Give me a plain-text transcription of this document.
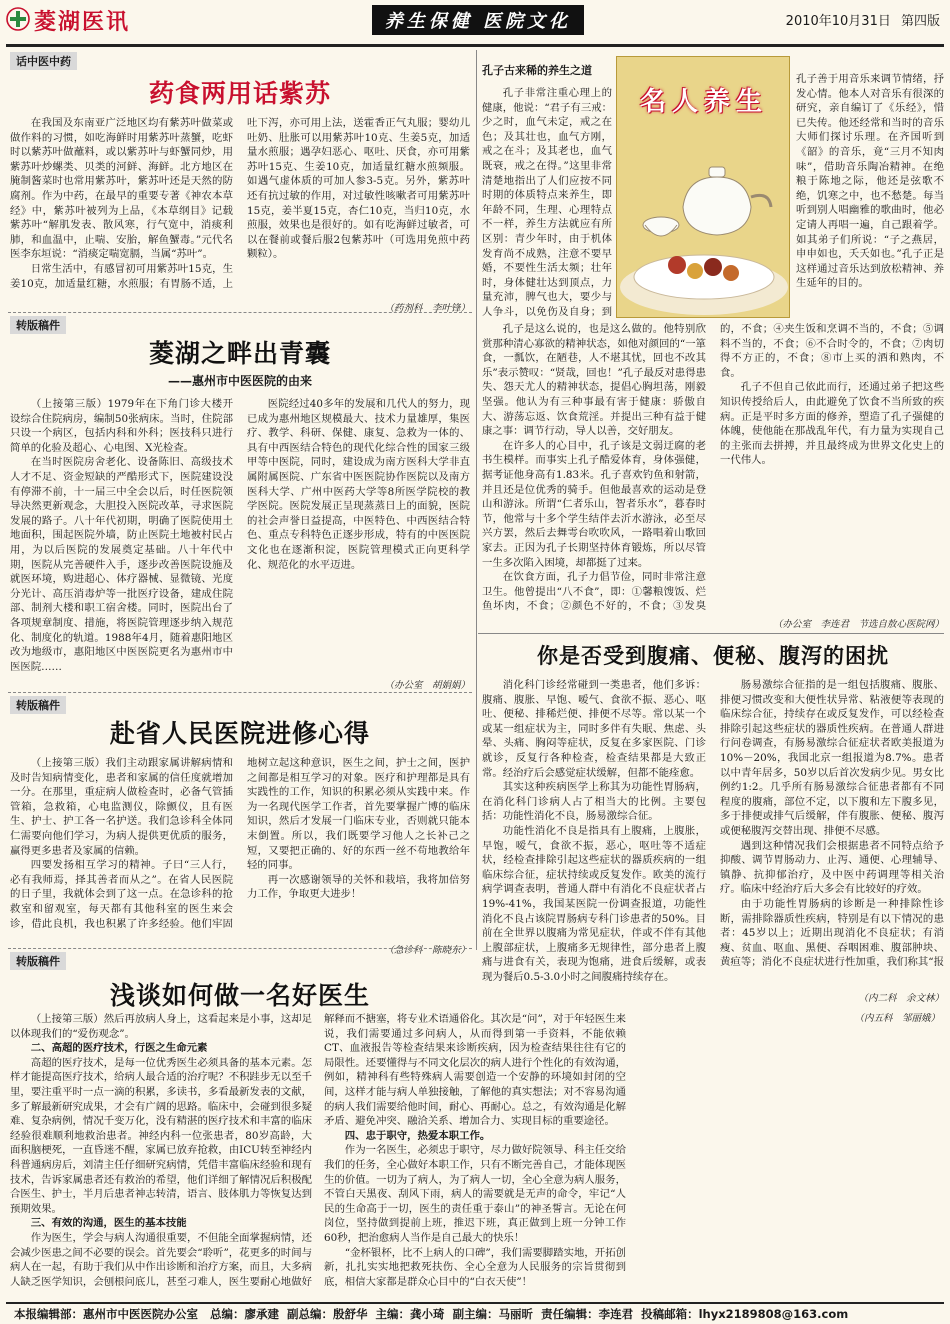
菱湖医讯	养生保健 医院文化	2010年10月31日 第四版
话中医中药
药食两用话紫苏

在我国及东南亚广泛地区均有紫苏叶做菜或做作料的习惯，如吃海鲜时用紫苏叶蒸蟹，吃虾时以紫苏叶做蘸料，或以紫苏叶与虾蟹同炒，用紫苏叶炒螺类、贝类的河鲜、海鲜。北方地区在腌制酱菜时也常用紫苏叶，紫苏叶还是天然的防腐剂。作为中药，在最早的重要专著《神农本草经》中，紫苏叶被列为上品，《本草纲目》记载紫苏叶“解肌发表、散风寒，行气宽中，消痰利肺，和血温中，止喘、安胎，解鱼蟹毒。”元代名医李东垣说：“消痰定喘宽膈，当属“苏叶”。

日常生活中，有感冒初可用紫苏叶15克，生姜10克，加适量红糖，水煎服；有胃肠不适，上吐下泻，亦可用上法，送霍香正气丸服；婴幼儿吐奶、肚胀可以用紫苏叶10克、生姜5克，加适量水煎服；遇孕妇恶心、呕吐、厌食，亦可用紫苏叶15克、生姜10克，加适量红糖水煎频服。如遇气虚体质的可加人参3-5克。另外，紫苏叶还有抗过敏的作用，对过敏性咳嗽者可用紫苏叶15克，姜半夏15克，杏仁10克，当归10克，水煎服，效果也是很好的。如有吃海鲜过敏者，可以在餐前或餐后服2包紫苏叶（可选用免煎中药颗粒）。

（药剂科　李叶锋）
转版稿件
菱湖之畔出青囊
——惠州市中医医院的由来

（上接第三版）1979年在下角门诊大楼开设综合住院病房，编制50张病床。当时，住院部只设一个病区，包括内科和外科；医技科只进行简单的化验及超心、心电图、X光检查。

在当时医院房舍老化、设备陈旧、高级技术人才不足、资金短缺的严酷形式下，医院建设没有停滞不前，十一届三中全会以后，时任医院领导决然更新观念，大胆投入医院改革，寻求医院发展的路子。八十年代初期，明确了医院使用土地面积，围起医院外墙，防止医院土地被村民占用，为以后医院的发展奠定基础。八十年代中期，医院从完善硬件入手，逐步改善医院设施及就医环境，购进超心、体疗器械、显微镜、光度分光计、高压消毒炉等一批医疗设备，建成住院部、制剂大楼和职工宿舍楼。同时，医院出台了各项规章制度、措施，将医院管理逐步纳入规范化、制度化的轨道。1988年4月，随着惠阳地区改为地级市，惠阳地区中医医院更名为惠州市中医医院……

医院经过40多年的发展和几代人的努力，现已成为惠州地区规模最大、技术力量雄厚，集医疗、教学、科研、保健、康复、急救为一体的、具有中西医结合特色的现代化综合性的国家三级甲等中医院，同时，建设成为南方医科大学非直属附属医院、广东省中医医院协作医院以及南方医科大学、广州中医药大学等8所医学院校的教学医院。医院发展正呈现蒸蒸日上的面貌，医院的社会声誉日益提高，中医特色、中西医结合特色、重点专科特色正逐步形成，特有的中医医院文化也在逐渐积淀，医院管理模式正向更科学化、规范化的水平迈进。

（办公室　胡娟娟）
转版稿件
赴省人民医院进修心得

（上接第三版）我们主动跟家属讲解病情和及时告知病情变化，患者和家属的信任度就增加一分。在那里，重症病人做检查时，必备气管插管箱，急救箱，心电监测仪，除颤仪，且有医生、护士、护工各一名护送。我们急诊科全体同仁需要向他们学习，为病人提供更优质的服务，赢得更多患者及家属的信赖。

四要发扬相互学习的精神。子曰“三人行，必有我师焉，择其善者而从之”。在省人民医院的日子里，我就体会到了这一点。在急诊科的抢救室和留观室，每天都有其他科室的医生来会诊，借此良机，我也积累了许多经验。他们牢固地树立起这种意识，医生之间，护士之间，医护之间都是相互学习的对象。医疗和护理都是具有实践性的工作，知识的积累必须从实践中来。作为一名现代医学工作者，首先要掌握广博的临床知识，然后才发展一门临床专业，否则就只能本末倒置。所以，我们既要学习他人之长补己之短，又要把正确的、好的东西一丝不苟地教给年轻的同事。

再一次感谢领导的关怀和栽培，我将加倍努力工作，争取更大进步！

（急诊科　陈晓东）
转版稿件
浅谈如何做一名好医生

（上接第三版）然后再放病人身上，这看起来是小事，这却足以体现我们的“爱伤观念”。

二、高超的医疗技术，行医之生命元素

高超的医疗技术，是每一位优秀医生必须具备的基本元素。怎样才能提高医疗技术，给病人最合适的治疗呢？不积跬步无以至千里，要注重平时一点一滴的积累，多读书，多看最新发表的文献，多了解最新研究成果，才会有广阔的思路。临床中，会碰到很多疑难、复杂病例，情况千变万化，没有精湛的医疗技术和丰富的临床经验很难顺利地救治患者。神经内科一位张患者，80岁高龄，大面积脑梗死，一直昏迷不醒，家属已放弃抢救，由ICU转至神经内科普通病房后，刘清主任仔细研究病情，凭借丰富临床经验和现有技术，告诉家属患者还有救治的希望，他们详细了解情况后积极配合医生、护士，半月后患者神志转清，语言、肢体肌力等恢复达到预期效果。

三、有效的沟通，医生的基本技能

作为医生，学会与病人沟通很重要，不但能全面掌握病情，还会减少医患之间不必要的误会。首先要会“聆听”，花更多的时间与病人在一起，有助于我们从中作出诊断和治疗方案，而且，大多病人缺乏医学知识，会刨根问底儿，甚至刁难人，医生要耐心地做好解释而不搪塞，将专业术语通俗化。其次是“问”，对于年轻医生来说，我们需要通过多问病人，从而得到第一手资料，不能依赖CT、血液报告等检查结果来诊断疾病，因为检查结果往往有它的局限性。还要懂得与不同文化层次的病人进行个性化的有效沟通，例如，精神科有些特殊病人需要创造一个安静的环境如封闭的空间，这样才能与病人单独接触，了解他的真实想法；对不容易沟通的病人我们需要给他时间，耐心、再耐心。总之，有效沟通是化解矛盾、避免冲突、融洽关系、增加合力、实现目标的重要途径。

四、忠于职守，热爱本职工作。

作为一名医生，必须忠于职守，尽力做好院领导、科主任交给我们的任务，全心做好本职工作，只有不断完善自己，才能体现医生的价值。一切为了病人，为了病人一切，全心全意为病人服务，不管白天黑夜、刮风下雨，病人的需要就是无声的命令，牢记“人民的生命高于一切，医生的责任重于泰山”的神圣誓言。无论在何岗位，坚持做到提前上班，推迟下班，真正做到上班一分钟工作60秒，把治愈病人当作是自己最大的快乐！

“金杯银杯，比不上病人的口碑”，我们需要脚踏实地，开拓创新，扎扎实实地把救死扶伤、全心全意为人民服务的宗旨贯彻到底，相信大家都是群众心目中的“白衣天使”！

（内五科　邹丽娥）
孔子古来稀的养生之道
名人养生

孔子非常注重心理上的健康，他说：“君子有三戒：少之时，血气未定，戒之在色；及其壮也，血气方刚，戒之在斗；及其老也，血气既衰，戒之在得。”这里非常清楚地指出了人们应按不同时期的体质特点来养生，即年龄不同，生理、心理特点不一样，养生方法就应有所区别：青少年时，由于机体发育尚不成熟，注意不要早婚，不要性生活太频；壮年时，身体健壮达到顶点，力量充沛，脾气也大，要少与人争斗，以免伤及自身；到

孔子善于用音乐来调节情绪，抒发心情。他本人对音乐有很深的研究，亲自编订了《乐经》，惜已失传。他还经常和当时的音乐大师们探讨乐理。在齐国听到《韶》的音乐，竟“三月不知肉味”，借助音乐陶冶精神。在绝粮于陈地之际，他还是弦歌不绝，饥寒之中，也不愁楚。每当听到别人唱幽雅的歌曲时，他必定请人再唱一遍，自己跟着学。如其弟子们所说：“子之燕居，申申如也，夭夭如也。”孔子正是这样通过音乐达到放松精神、养生延年的目的。

孔子是这么说的，也是这么做的。他特别欣赏那种清心寡欲的精神状态，如他对颜回的“一箪食，一瓢饮，在陋巷，人不堪其忧，回也不改其乐”表示赞叹：“贤哉，回也！”孔子最反对患得患失、怨天尤人的精神状态，提倡心胸坦荡，刚毅坚强。他认为有三种事最有害于健康：骄傲自大、游荡忘返、饮食荒淫。并提出三种有益于健康之事：调节行动，导人以善，交好朋友。

在许多人的心目中，孔子该是文弱迂腐的老书生模样。而事实上孔子酷爱体育，身体强健，据考证他身高有1.83米。孔子喜欢钓鱼和射箭，并且还是位优秀的骑手。但他最喜欢的运动是登山和游泳。所谓“仁者乐山，智者乐水”，暮春时节，他常与十多个学生结伴去沂水游泳，必至尽兴方罢，然后去舞雩台吹吹风，一路唱着山歌回家去。正因为孔子长期坚持体育锻炼，所以尽管一生多次陷入困境，却都挺了过来。

在饮食方面，孔子力倡节俭，同时非常注意卫生。他曾提出“八不食”，即：①馨粮馊饭、烂鱼坏肉，不食；②颜色不好的，不食；③发臭的，不食；④夹生饭和烹调不当的，不食；⑤调料不当的，不食；⑥不合时令的，不食；⑦肉切得不方正的，不食；⑧市上买的酒和熟肉，不食。

孔子不但自己依此而行，还通过弟子把这些知识传授给后人，由此避免了饮食不当所致的疾病。正是平时多方面的修养，塑造了孔子强健的体魄，使他能在那战乱年代，有力量为实现自己的主张而去拼搏，并且最终成为世界文化史上的一代伟人。

（办公室　李连君　节选自敖心医院网）
你是否受到腹痛、便秘、腹泻的困扰

消化科门诊经常碰到一类患者，他们多诉：腹痛、腹胀、早饱、嗳气、食欲不振、恶心、呕吐、便秘、排稀烂便、排便不尽等。常以某一个或某一组症状为主，同时多伴有失眠、焦虑、头晕、头痛、胸闷等症状，反复在多家医院、门诊就诊，反复行各种检查，检查结果都是大致正常。经治疗后会感觉症状缓解，但都不能痊愈。

其实这种疾病医学上称其为功能性胃肠病，在消化科门诊病人占了相当大的比例。主要包括：功能性消化不良，肠易激综合征。

功能性消化不良是指具有上腹痛，上腹胀，早饱，嗳气，食欲不振，恶心，呕吐等不适症状，经检查排除引起这些症状的器质疾病的一组临床综合征，症状持续或反复发作。欧美的流行病学调查表明，普通人群中有消化不良症状者占19%-41%，我国某医院一份调查报道，功能性消化不良占该院胃肠病专科门诊患者的50%。目前在全世界以腹痛为常见症状，伴或不伴有其他上腹部症状，上腹痛多无规律性，部分患者上腹痛与进食有关，表现为饱痛，进食后缓解，或表现为餐后0.5-3.0小时之间腹痛持续存在。

肠易激综合征指的是一组包括腹痛、腹胀、排便习惯改变和大便性状异常、粘液便等表现的临床综合征，持续存在或反复发作，可以经检查排除引起这些症状的器质性疾病。在普通人群进行问卷调查，有肠易激综合征症状者欧美报道为10%－20%，我国北京一组报道为8.7%。患者以中青年居多，50岁以后首次发病少见。男女比例约1:2。几乎所有肠易激综合征患者都有不同程度的腹痛，部位不定，以下腹和左下腹多见，多于排便或排气后缓解，伴有腹胀、便秘、腹泻或便秘腹泻交替出现、排便不尽感。

遇到这种情况我们会根据患者不同特点给予抑酸、调节胃肠动力、止泻、通便、心理辅导、镇静、抗抑郁治疗，及中医中药调理等相关治疗。临床中经治疗后大多会有比较好的疗效。

由于功能性胃肠病的诊断是一种排除性诊断，需排除器质性疾病，特别是有以下情况的患者：45岁以上；近期出现消化不良症状；有消瘦、贫血、呕血、黑便、吞咽困难、腹部肿块、黄疸等；消化不良症状进行性加重，我们称其“报

（内二科　余文林）
本报编辑部：惠州市中医医院办公室 总编：廖承建 副总编：殷舒华 主编：龚小琦 副主编：马丽昕 责任编辑：李连君 投稿邮箱：lhyx2189808@163.com
